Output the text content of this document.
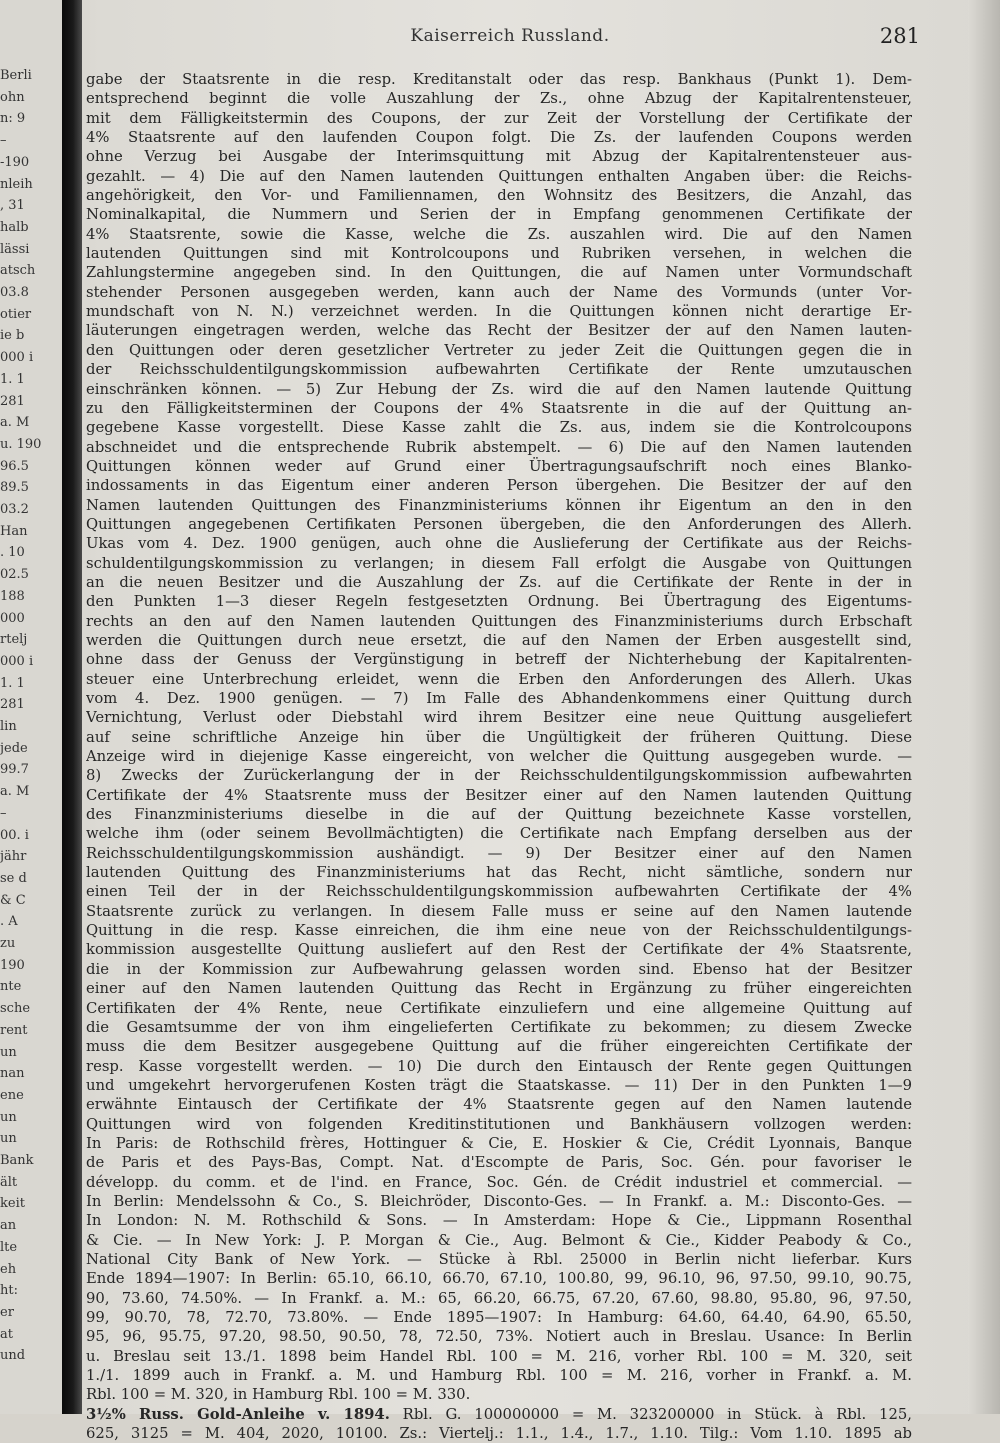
Berli
ohn
n: 9
–
-190
nleih
, 31
halb
lässi
atsch
03.8
otier
ie b
000 i
1. 1
281
a. M
u. 190
96.5
89.5
03.2
Han
. 10
02.5
188
000
rtelj
000 i
1. 1
281
lin
jede
99.7
a. M
–
00. i
jähr
se d
& C
. A
zu
190
nte
sche
rent
un
nan
ene
un
un
Bank
ält
keit
an
lte
eh
ht:
er
at
und
Kaiserreich Russland.	281
gabe der Staatsrente in die resp. Kreditanstalt oder das resp. Bankhaus (Punkt 1). Dem-
entsprechend beginnt die volle Auszahlung der Zs., ohne Abzug der Kapitalrentensteuer,
mit dem Fälligkeitstermin des Coupons, der zur Zeit der Vorstellung der Certifikate der
4% Staatsrente auf den laufenden Coupon folgt. Die Zs. der laufenden Coupons werden
ohne Verzug bei Ausgabe der Interimsquittung mit Abzug der Kapitalrentensteuer aus-
gezahlt. — 4) Die auf den Namen lautenden Quittungen enthalten Angaben über: die Reichs-
angehörigkeit, den Vor- und Familiennamen, den Wohnsitz des Besitzers, die Anzahl, das
Nominalkapital, die Nummern und Serien der in Empfang genommenen Certifikate der
4% Staatsrente, sowie die Kasse, welche die Zs. auszahlen wird. Die auf den Namen
lautenden Quittungen sind mit Kontrolcoupons und Rubriken versehen, in welchen die
Zahlungstermine angegeben sind. In den Quittungen, die auf Namen unter Vormundschaft
stehender Personen ausgegeben werden, kann auch der Name des Vormunds (unter Vor-
mundschaft von N. N.) verzeichnet werden. In die Quittungen können nicht derartige Er-
läuterungen eingetragen werden, welche das Recht der Besitzer der auf den Namen lauten-
den Quittungen oder deren gesetzlicher Vertreter zu jeder Zeit die Quittungen gegen die in
der Reichsschuldentilgungskommission aufbewahrten Certifikate der Rente umzutauschen
einschränken können. — 5) Zur Hebung der Zs. wird die auf den Namen lautende Quittung
zu den Fälligkeitsterminen der Coupons der 4% Staatsrente in die auf der Quittung an-
gegebene Kasse vorgestellt. Diese Kasse zahlt die Zs. aus, indem sie die Kontrolcoupons
abschneidet und die entsprechende Rubrik abstempelt. — 6) Die auf den Namen lautenden
Quittungen können weder auf Grund einer Übertragungsaufschrift noch eines Blanko-
indossaments in das Eigentum einer anderen Person übergehen. Die Besitzer der auf den
Namen lautenden Quittungen des Finanzministeriums können ihr Eigentum an den in den
Quittungen angegebenen Certifikaten Personen übergeben, die den Anforderungen des Allerh.
Ukas vom 4. Dez. 1900 genügen, auch ohne die Auslieferung der Certifikate aus der Reichs-
schuldentilgungskommission zu verlangen; in diesem Fall erfolgt die Ausgabe von Quittungen
an die neuen Besitzer und die Auszahlung der Zs. auf die Certifikate der Rente in der in
den Punkten 1—3 dieser Regeln festgesetzten Ordnung. Bei Übertragung des Eigentums-
rechts an den auf den Namen lautenden Quittungen des Finanzministeriums durch Erbschaft
werden die Quittungen durch neue ersetzt, die auf den Namen der Erben ausgestellt sind,
ohne dass der Genuss der Vergünstigung in betreff der Nichterhebung der Kapitalrenten-
steuer eine Unterbrechung erleidet, wenn die Erben den Anforderungen des Allerh. Ukas
vom 4. Dez. 1900 genügen. — 7) Im Falle des Abhandenkommens einer Quittung durch
Vernichtung, Verlust oder Diebstahl wird ihrem Besitzer eine neue Quittung ausgeliefert
auf seine schriftliche Anzeige hin über die Ungültigkeit der früheren Quittung. Diese
Anzeige wird in diejenige Kasse eingereicht, von welcher die Quittung ausgegeben wurde. —
8) Zwecks der Zurückerlangung der in der Reichsschuldentilgungskommission aufbewahrten
Certifikate der 4% Staatsrente muss der Besitzer einer auf den Namen lautenden Quittung
des Finanzministeriums dieselbe in die auf der Quittung bezeichnete Kasse vorstellen,
welche ihm (oder seinem Bevollmächtigten) die Certifikate nach Empfang derselben aus der
Reichsschuldentilgungskommission aushändigt. — 9) Der Besitzer einer auf den Namen
lautenden Quittung des Finanzministeriums hat das Recht, nicht sämtliche, sondern nur
einen Teil der in der Reichsschuldentilgungskommission aufbewahrten Certifikate der 4%
Staatsrente zurück zu verlangen. In diesem Falle muss er seine auf den Namen lautende
Quittung in die resp. Kasse einreichen, die ihm eine neue von der Reichsschuldentilgungs-
kommission ausgestellte Quittung ausliefert auf den Rest der Certifikate der 4% Staatsrente,
die in der Kommission zur Aufbewahrung gelassen worden sind. Ebenso hat der Besitzer
einer auf den Namen lautenden Quittung das Recht in Ergänzung zu früher eingereichten
Certifikaten der 4% Rente, neue Certifikate einzuliefern und eine allgemeine Quittung auf
die Gesamtsumme der von ihm eingelieferten Certifikate zu bekommen; zu diesem Zwecke
muss die dem Besitzer ausgegebene Quittung auf die früher eingereichten Certifikate der
resp. Kasse vorgestellt werden. — 10) Die durch den Eintausch der Rente gegen Quittungen
und umgekehrt hervorgerufenen Kosten trägt die Staatskasse. — 11) Der in den Punkten 1—9
erwähnte Eintausch der Certifikate der 4% Staatsrente gegen auf den Namen lautende
Quittungen wird von folgenden Kreditinstitutionen und Bankhäusern vollzogen werden:
In Paris: de Rothschild frères, Hottinguer & Cie, E. Hoskier & Cie, Crédit Lyonnais, Banque
de Paris et des Pays-Bas, Compt. Nat. d'Escompte de Paris, Soc. Gén. pour favoriser le
développ. du comm. et de l'ind. en France, Soc. Gén. de Crédit industriel et commercial. —
In Berlin: Mendelssohn & Co., S. Bleichröder, Disconto-Ges. — In Frankf. a. M.: Disconto-Ges. —
In London: N. M. Rothschild & Sons. — In Amsterdam: Hope & Cie., Lippmann Rosenthal
& Cie. — In New York: J. P. Morgan & Cie., Aug. Belmont & Cie., Kidder Peabody & Co.,
National City Bank of New York. — Stücke à Rbl. 25000 in Berlin nicht lieferbar. Kurs
Ende 1894—1907: In Berlin: 65.10, 66.10, 66.70, 67.10, 100.80, 99, 96.10, 96, 97.50, 99.10, 90.75,
90, 73.60, 74.50%. — In Frankf. a. M.: 65, 66.20, 66.75, 67.20, 67.60, 98.80, 95.80, 96, 97.50,
99, 90.70, 78, 72.70, 73.80%. — Ende 1895—1907: In Hamburg: 64.60, 64.40, 64.90, 65.50,
95, 96, 95.75, 97.20, 98.50, 90.50, 78, 72.50, 73%. Notiert auch in Breslau. Usance: In Berlin
u. Breslau seit 13./1. 1898 beim Handel Rbl. 100 = M. 216, vorher Rbl. 100 = M. 320, seit
1./1. 1899 auch in Frankf. a. M. und Hamburg Rbl. 100 = M. 216, vorher in Frankf. a. M.
Rbl. 100 = M. 320, in Hamburg Rbl. 100 = M. 330.
3½% Russ. Gold-Anleihe v. 1894. Rbl. G. 100000000 = M. 323200000 in Stück. à Rbl. 125,
625, 3125 = M. 404, 2020, 10100. Zs.: Viertelj.: 1.1., 1.4., 1.7., 1.10. Tilg.: Vom 1.10. 1895 ab
